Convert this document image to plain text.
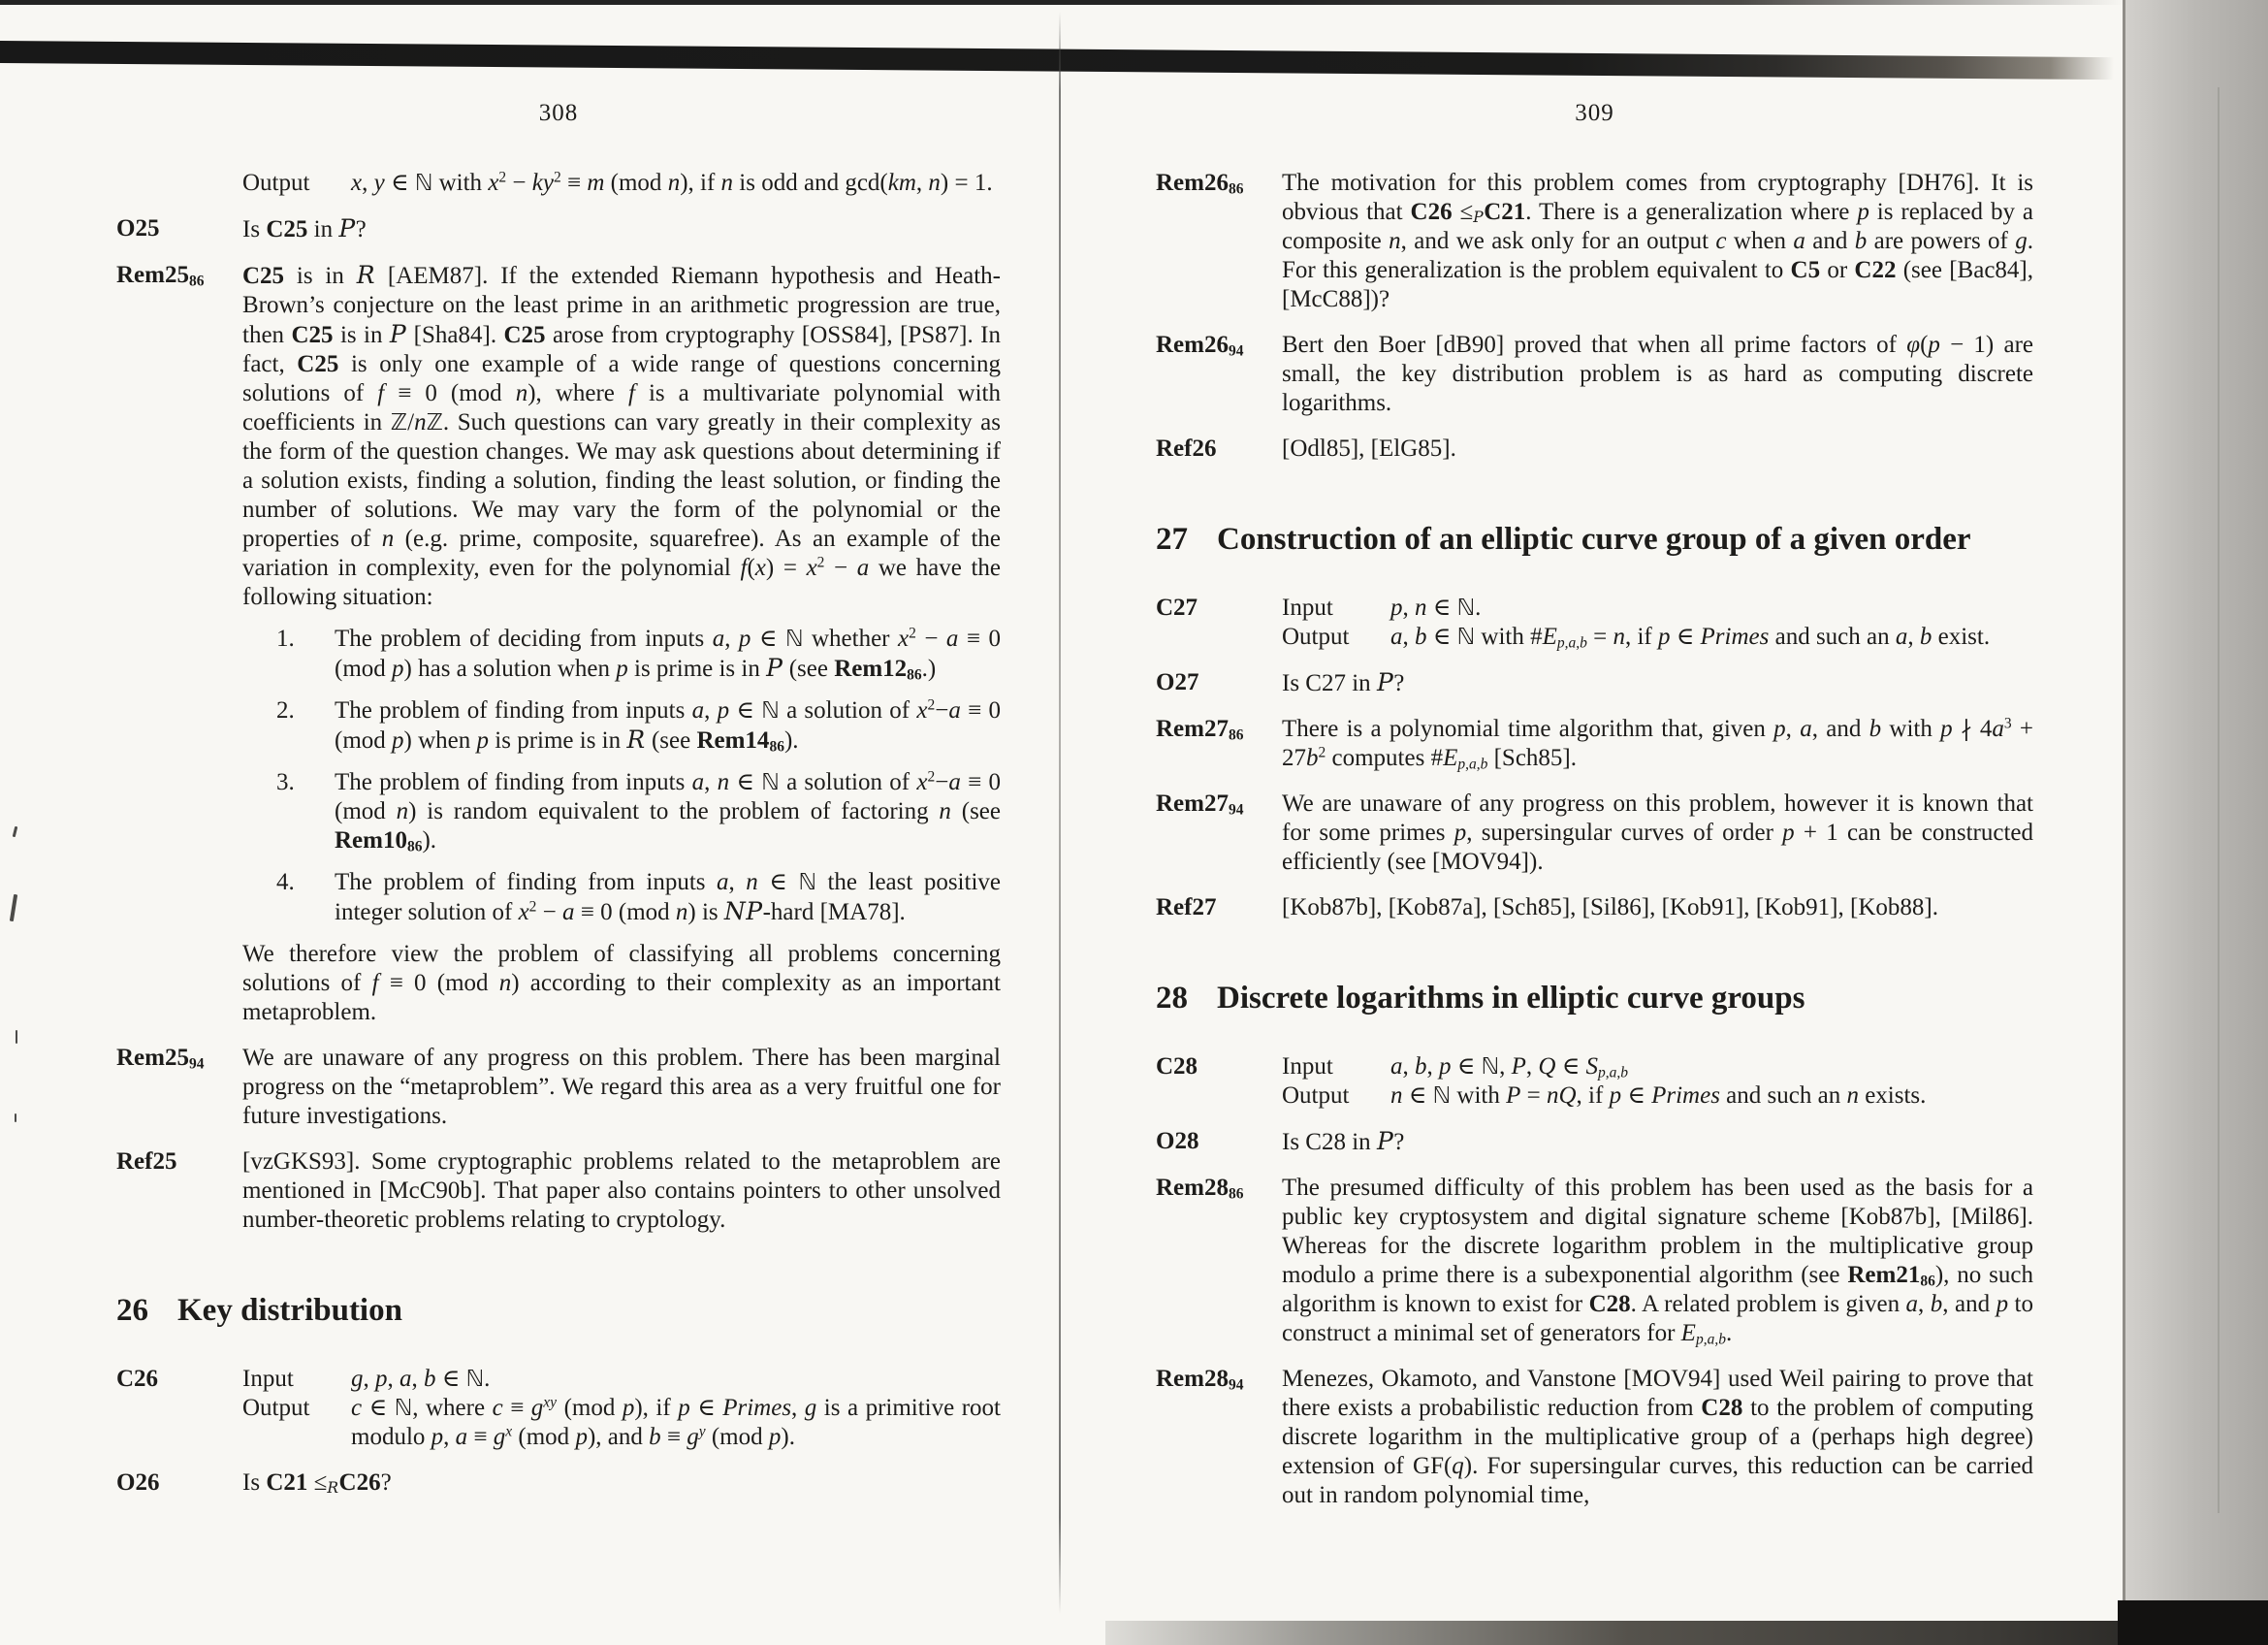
308
Output	x, y ∈ ℕ with $x^2 - ky^2 \equiv m$ (mod n), if n is odd and gcd(km, n) = 1.
O25	Is C25 in P?
$Rem25_{86}$	C25 is in R [AEM87]. If the extended Riemann hypothesis and Heath-Brown’s conjecture on the least prime in an arithmetic progression are true, then C25 is in P [Sha84]. C25 arose from cryptography [OSS84], [PS87]. In fact, C25 is only one example of a wide range of questions concerning solutions of f ≡ 0 (mod n), where f is a multivariate polynomial with coefficients in ℤ/nℤ. Such questions can vary greatly in their complexity as the form of the question changes. We may ask questions about determining if a solution exists, finding a solution, finding the least solution, or finding the number of solutions. We may vary the form of the polynomial or the properties of n (e.g. prime, composite, squarefree). As an example of the variation in complexity, even for the polynomial $f(x) = x^2 - a$ we have the following situation:
1.	The problem of deciding from inputs a, p ∈ ℕ whether $x^2 - a \equiv 0$ (mod p) has a solution when p is prime is in P (see $Rem12_{86}$.)
2.	The problem of finding from inputs a, p ∈ ℕ a solution of $x^2-a \equiv 0$ (mod p) when p is prime is in R (see $Rem14_{86}$).
3.	The problem of finding from inputs a, n ∈ ℕ a solution of $x^2-a \equiv 0$ (mod n) is random equivalent to the problem of factoring n (see $Rem10_{86}$).
4.	The problem of finding from inputs a, n ∈ ℕ the least positive integer solution of $x^2 - a \equiv 0$ (mod n) is NP-hard [MA78].
We therefore view the problem of classifying all problems concerning solutions of f ≡ 0 (mod n) according to their complexity as an important metaproblem.
$Rem25_{94}$	We are unaware of any progress on this problem. There has been marginal progress on the “metaproblem”. We regard this area as a very fruitful one for future investigations.
Ref25	[vzGKS93]. Some cryptographic problems related to the metaproblem are mentioned in [McC90b]. That paper also contains pointers to other unsolved number-theoretic problems relating to cryptology.
26 Key distribution
C26	Input	g, p, a, b ∈ ℕ.
Output	c ∈ ℕ, where $c \equiv g^{xy}$ (mod p), if p ∈ Primes, g is a primitive root modulo p, $a \equiv g^x$ (mod p), and $b \equiv g^y$ (mod p).
O26	Is $C21 \le_RC26$?
309
$Rem26_{86}$	The motivation for this problem comes from cryptography [DH76]. It is obvious that $C26 \le_PC21$. There is a generalization where p is replaced by a composite n, and we ask only for an output c when a and b are powers of g. For this generalization is the problem equivalent to C5 or C22 (see [Bac84], [McC88])?
$Rem26_{94}$	Bert den Boer [dB90] proved that when all prime factors of φ(p − 1) are small, the key distribution problem is as hard as computing discrete logarithms.
Ref26	[Odl85], [ElG85].
27 Construction of an elliptic curve group of a given order
C27	Input	p, n ∈ ℕ.
Output	a, b ∈ ℕ with $\#E_{p,a,b} = n$, if p ∈ Primes and such an a, b exist.
O27	Is C27 in P?
$Rem27_{86}$	There is a polynomial time algorithm that, given p, a, and b with p ∤ $4a^3 + 27b^2$ computes $\#E_{p,a,b}$ [Sch85].
$Rem27_{94}$	We are unaware of any progress on this problem, however it is known that for some primes p, supersingular curves of order p + 1 can be constructed efficiently (see [MOV94]).
Ref27	[Kob87b], [Kob87a], [Sch85], [Sil86], [Kob91], [Kob91], [Kob88].
28 Discrete logarithms in elliptic curve groups
C28	Input	a, b, p ∈ ℕ, P, Q ∈ $S_{p,a,b}$
Output	n ∈ ℕ with P = nQ, if p ∈ Primes and such an n exists.
O28	Is C28 in P?
$Rem28_{86}$	The presumed difficulty of this problem has been used as the basis for a public key cryptosystem and digital signature scheme [Kob87b], [Mil86]. Whereas for the discrete logarithm problem in the multiplicative group modulo a prime there is a subexponential algorithm (see $Rem21_{86}$), no such algorithm is known to exist for C28. A related problem is given a, b, and p to construct a minimal set of generators for $E_{p,a,b}$.
$Rem28_{94}$	Menezes, Okamoto, and Vanstone [MOV94] used Weil pairing to prove that there exists a probabilistic reduction from C28 to the problem of computing discrete logarithm in the multiplicative group of a (perhaps high degree) extension of GF(q). For supersingular curves, this reduction can be carried out in random polynomial time,
